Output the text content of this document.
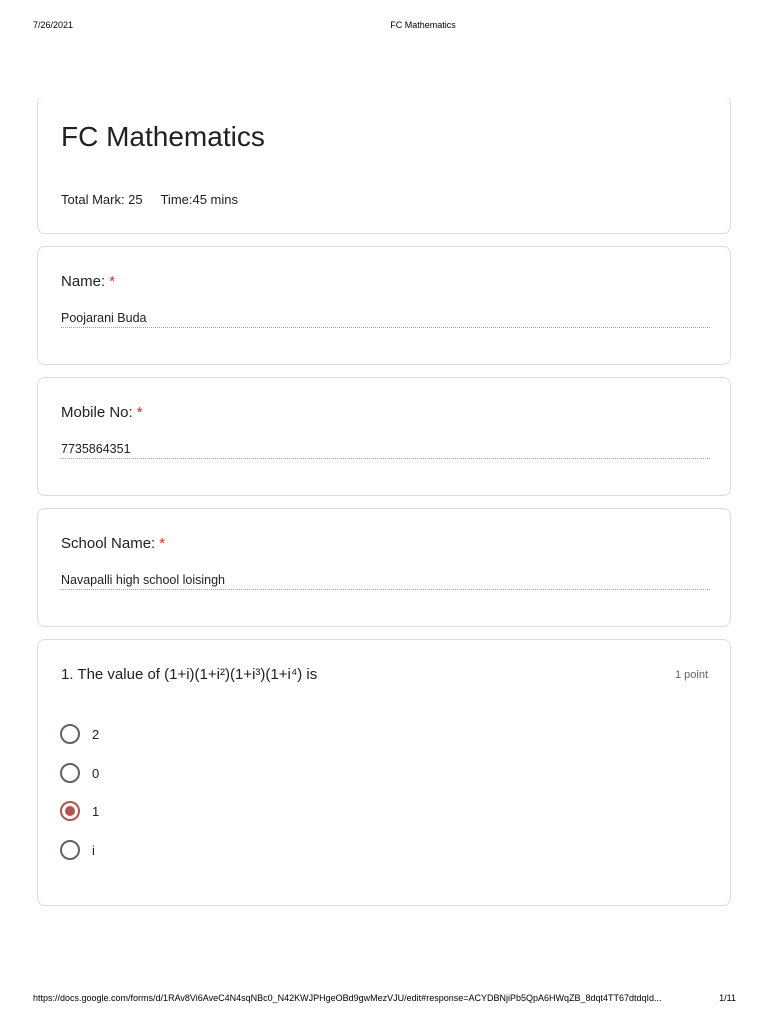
7/26/2021	FC Mathematics
FC Mathematics
Total Mark: 25     Time:45 mins
Name: *
Poojarani Buda
Mobile No: *
7735864351
School Name: *
Navapalli high school loisingh
1. The value of (1+i)(1+i²)(1+i³)(1+i⁴) is	1 point
2
0
1
i
https://docs.google.com/forms/d/1RAv8Vi6AveC4N4sqNBc0_N42KWJPHgeOBd9gwMezVJU/edit#response=ACYDBNjiPb5QpA6HWqZB_8dqt4TT67dtdqId...	1/11
